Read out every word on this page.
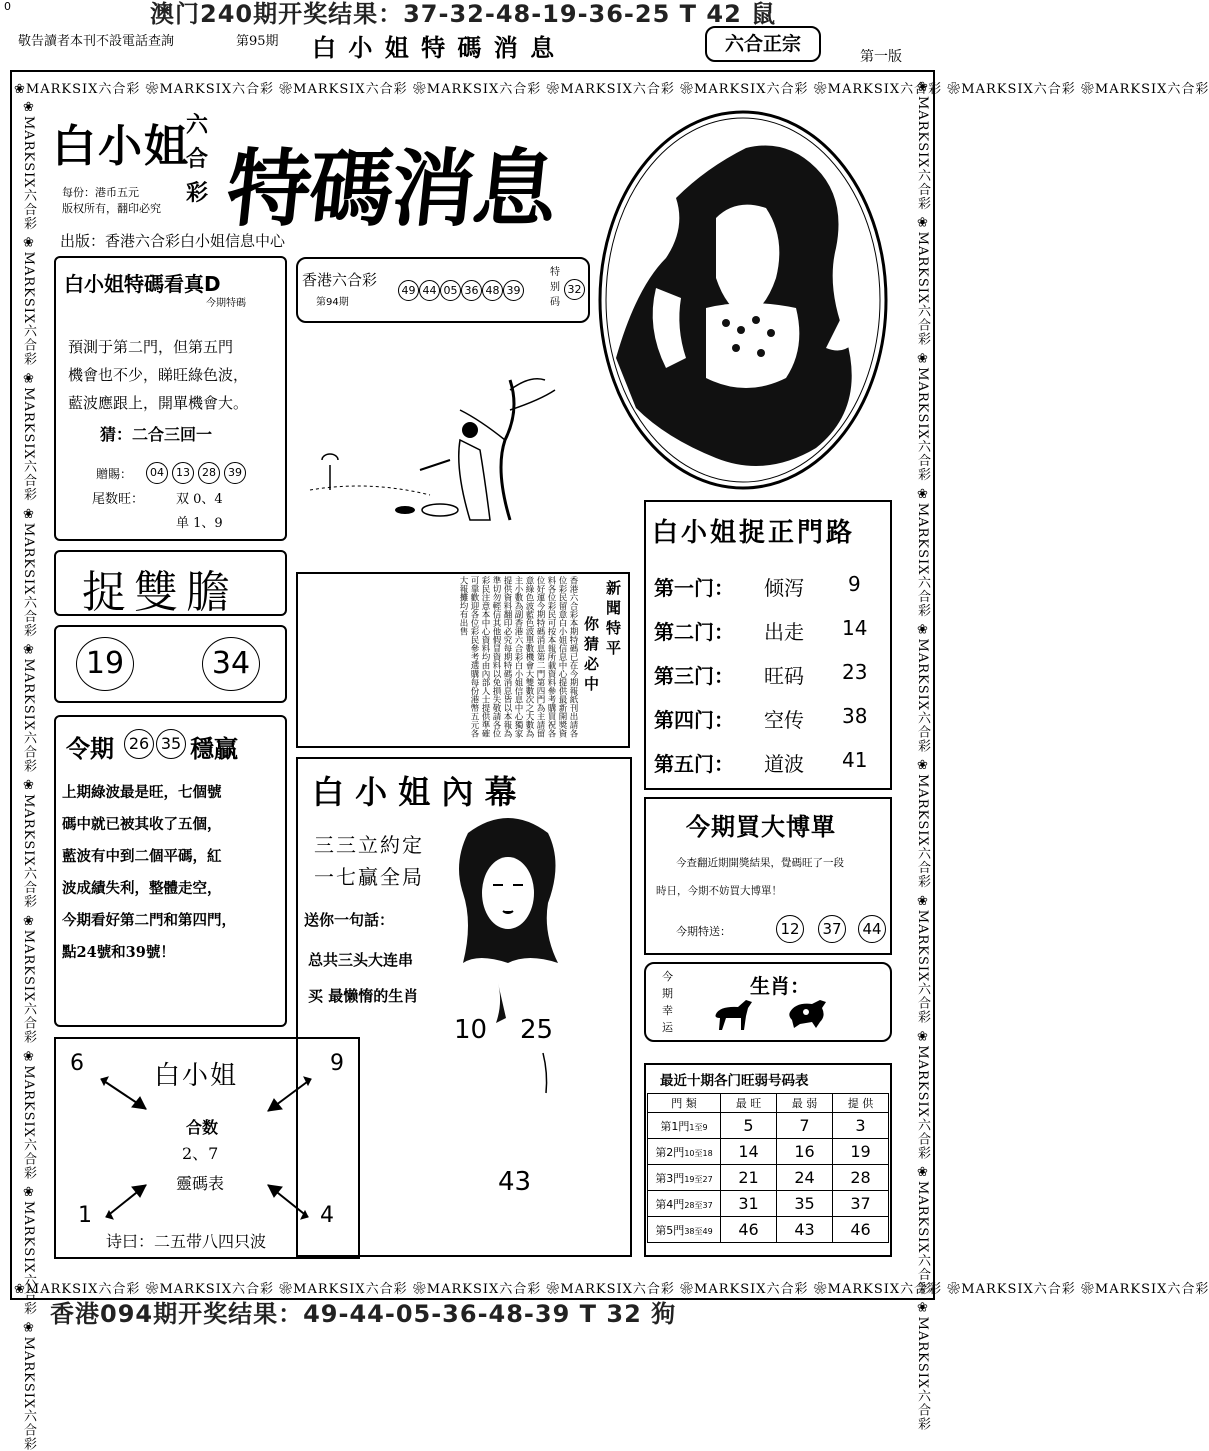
0	澳门240期开奖结果：37-32-48-19-36-25 T 42 鼠
敬告讀者本刊不設電話查詢	第95期 白 小 姐 特 碼 消 息	六合正宗
第一版
❀MARKSIX六合彩 ❀MARKSIX六合彩 ❀MARKSIX六合彩 ❀MARKSIX六合彩 ❀MARKSIX六合彩 ❀MARKSIX六合彩 ❀MARKSIX六合彩 ❀MARKSIX六合彩 ❀MARKSIX六合彩
❀MARKSIX六合彩 ❀MARKSIX六合彩 ❀MARKSIX六合彩 ❀MARKSIX六合彩 ❀MARKSIX六合彩 ❀MARKSIX六合彩 ❀MARKSIX六合彩 ❀MARKSIX六合彩 ❀MARKSIX六合彩
❀MARKSIX六合彩 ❀MARKSIX六合彩 ❀MARKSIX六合彩 ❀MARKSIX六合彩 ❀MARKSIX六合彩 ❀MARKSIX六合彩 ❀MARKSIX六合彩 ❀MARKSIX六合彩 ❀MARKSIX六合彩 ❀MARKSIX六合彩	❀MARKSIX六合彩 ❀MARKSIX六合彩 ❀MARKSIX六合彩 ❀MARKSIX六合彩 ❀MARKSIX六合彩 ❀MARKSIX六合彩 ❀MARKSIX六合彩 ❀MARKSIX六合彩 ❀MARKSIX六合彩 ❀MARKSIX六合彩
白小姐
六
合
彩
每份：港币五元
版权所有，翻印必究 特碼消息
出版：香港六合彩白小姐信息中心
香港六合彩
第94期
49 44 05 36 48 39
特
别
码
32
白小姐特碼看真D
今期特碼
預測于第二門，但第五門
機會也不少，睇旺綠色波，
藍波應跟上，開單機會大。
猜：二合三回一
贈賜：	04 13 28 39
尾数旺： 双 0、4
单 1、9
捉雙膽
19	34
令期 26 35 穩贏
上期綠波最是旺，七個號
碼中就已被其收了五個，
藍波有中到二個平碼，紅
波成績失利，整體走空，
今期看好第二門和第四門，
點24號和39號！
香港六合彩本期特碼已在今期報紙刊出請各位彩民留意白小姐信息中心提供最新開獎資料各位彩民可按本報所載資料參考購買祝各位好運今期特碼消息第二門第四門為主請留意綠色波藍色波單數機會大雙數次之大數為主小數為副香港六合彩白小姐信息中心獨家提供資料翻印必究每期特碼消息皆以本報為準切勿輕信其他假冒資料以免損失敬請各位彩民注意本中心資料均由內部人士提供準確可靠歡迎各位彩民參考選購每份港幣五元各大報攤均有出售	新
聞
特
平
你
猜
必
中
白 小 姐 內 幕
三三立約定
一七贏全局
送你一句話：
总共三头大连串
买 最懒惰的生肖
10 25
43
白小姐
6	9
1	4
合数
2、7
靈碼表
诗曰：二五带八四只波
白小姐捉正門路
第一门： 倾泻 9
第二门： 出走 14
第三门： 旺码 23
第四门： 空传 38
第五门： 道波 41
今期買大博單
今查翻近期開獎結果，覺碼旺了一段
時日，今期不妨買大博單！
今期特送：	12 37 44
今
期
幸
运
生肖：
最近十期各门旺弱号码表
門 類	最 旺	最 弱	提 供
第1門1至9	5	7	3
第2門10至18	14	16	19
第3門19至27	21	24	28
第4門28至37	31	35	37
第5門38至49	46	43	46
香港094期开奖结果：49-44-05-36-48-39 T 32 狗
